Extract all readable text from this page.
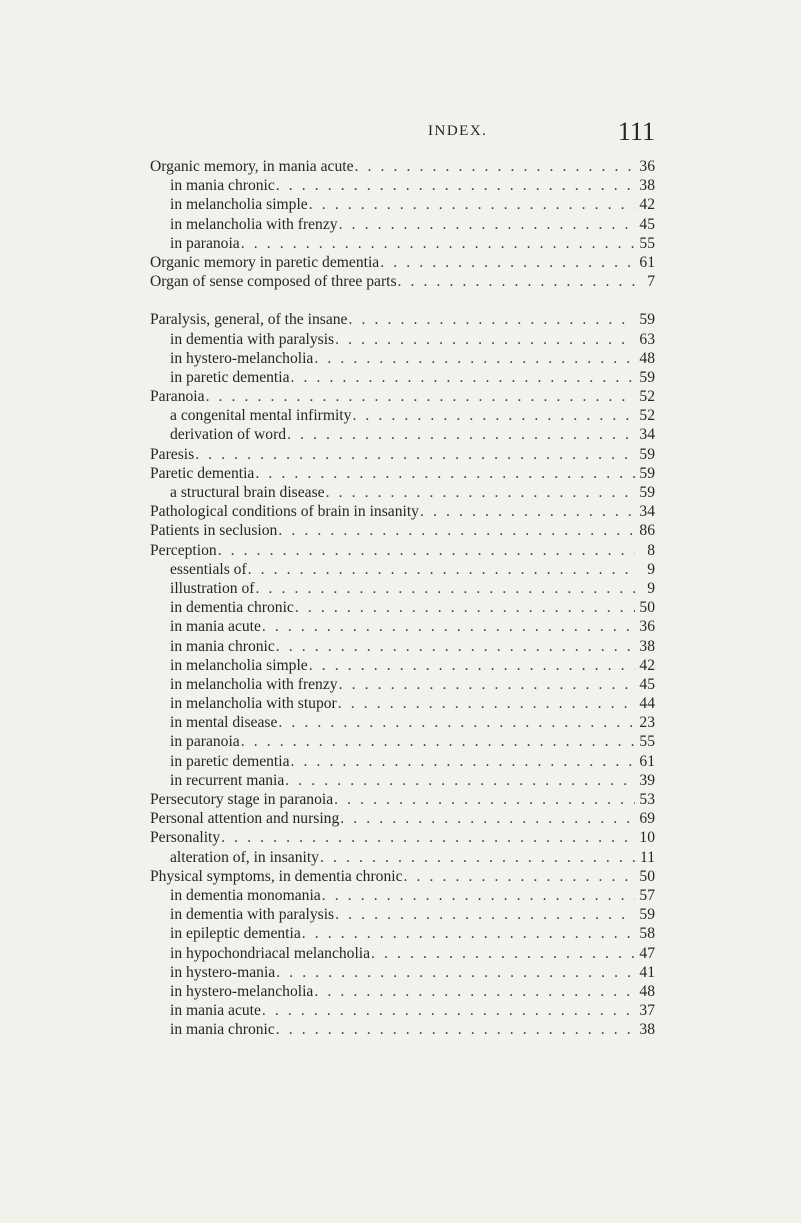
INDEX.	111
Organic memory, in mania acute . . .	36
in mania chronic . . .	38
in melancholia simple . . .	42
in melancholia with frenzy . . .	45
in paranoia . . .	55
Organic memory in paretic dementia . . .	61
Organ of sense composed of three parts . . .	7
Paralysis, general, of the insane . . .	59
in dementia with paralysis . . .	63
in hystero-melancholia . . .	48
in paretic dementia . . .	59
Paranoia . . .	52
a congenital mental infirmity . . .	52
derivation of word . . .	34
Paresis . . .	59
Paretic dementia . . .	59
a structural brain disease . . .	59
Pathological conditions of brain in insanity . . .	34
Patients in seclusion . . .	86
Perception . . .	8
essentials of . . .	9
illustration of . . .	9
in dementia chronic . . .	50
in mania acute . . .	36
in mania chronic . . .	38
in melancholia simple . . .	42
in melancholia with frenzy . . .	45
in melancholia with stupor . . .	44
in mental disease . . .	23
in paranoia . . .	55
in paretic dementia . . .	61
in recurrent mania . . .	39
Persecutory stage in paranoia . . .	53
Personal attention and nursing . . .	69
Personality . . .	10
alteration of, in insanity . . .	11
Physical symptoms, in dementia chronic . . .	50
in dementia monomania . . .	57
in dementia with paralysis . . .	59
in epileptic dementia . . .	58
in hypochondriacal melancholia . . .	47
in hystero-mania . . .	41
in hystero-melancholia . . .	48
in mania acute . . .	37
in mania chronic . . .	38
